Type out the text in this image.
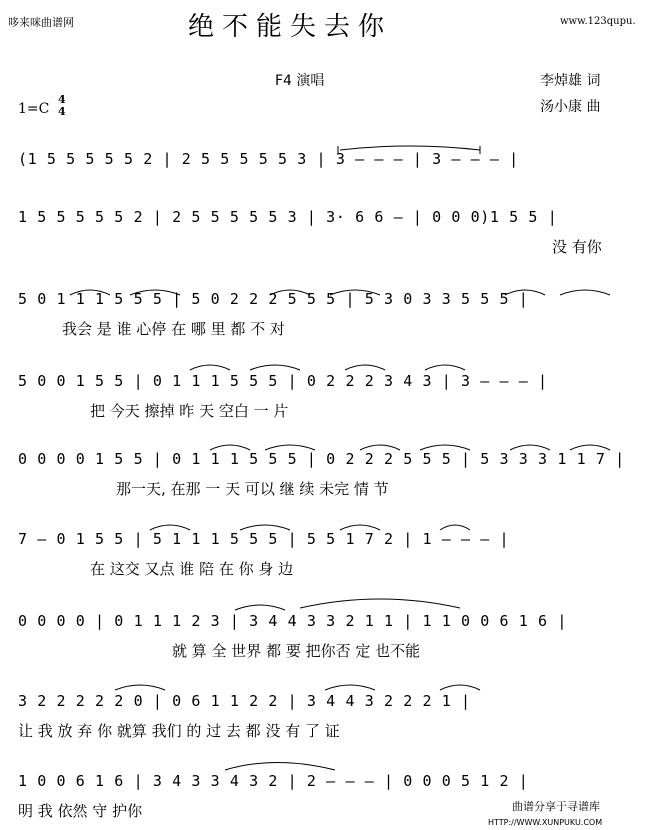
哆来咪曲谱网	绝不能失去你	www.123qupu.
F4 演唱	李焯雄 词
汤小康 曲
1=C
4
4
(1 5 5 5 5 5 2 | 2 5 5 5 5 5 3 | 3 – – – | 3 – – – |
1 5 5 5 5 5 2 | 2 5 5 5 5 5 3 | 3· 6 6 – | 0 0 0)1 5 5 |
没 有你
5 0 1 1 1 5 5 5 | 5 0 2 2 2 5 5 5 | 5 3 0 3 3 5 5 5 |
我会 是 谁 心停 在 哪 里 都 不 对
5 0 0 1 5 5 | 0 1 1 1 5 5 5 | 0 2 2 2 3 4 3 | 3 – – – |
把 今天 擦掉 昨 天 空白 一 片
0 0 0 0 1 5 5 | 0 1 1 1 5 5 5 | 0 2 2 2 5 5 5 | 5 3 3 3 1 1 7 |
那一天, 在那 一 天 可以 继 续 未完 情 节
7 – 0 1 5 5 | 5 1 1 1 5 5 5 | 5 5 1 7 2 | 1 – – – |
在 这交 又点 谁 陪 在 你 身 边
0 0 0 0 | 0 1 1 1 2 3 | 3 4 4 3 3 2 1 1 | 1 1 0 0 6 1 6 |
就 算 全 世界 都 要 把你否 定 也不能
3 2 2 2 2 2 0 | 0 6 1 1 2 2 | 3 4 4 3 2 2 2 1 |
让 我 放 弃 你 就算 我们 的 过 去 都 没 有 了 证
1 0 0 6 1 6 | 3 4 3 3 4 3 2 | 2 – – – | 0 0 0 5 1 2 |
明 我 依然 守 护你	曲谱分享于寻谱库
HTTP://WWW.XUNPUKU.COM
